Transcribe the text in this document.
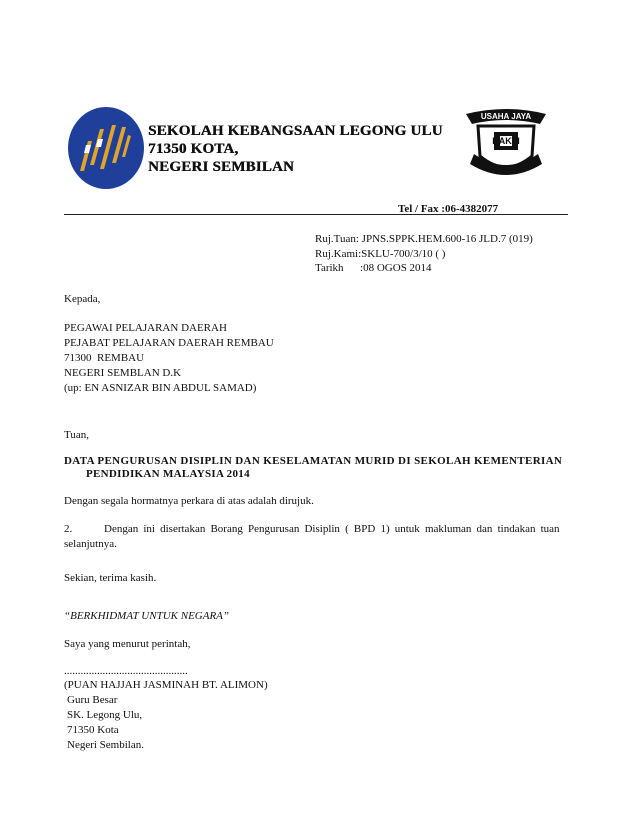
SEKOLAH KEBANGSAAN LEGONG ULU
71350 KOTA,
NEGERI SEMBILAN
USAHA JAYA
BAKTI
Tel / Fax :06-4382077
Ruj.Tuan: JPNS.SPPK.HEM.600-16 JLD.7 (019)
Ruj.Kami:SKLU-700/3/10 ( )
Tarikh      :08 OGOS 2014
Kepada,
PEGAWAI PELAJARAN DAERAH
PEJABAT PELAJARAN DAERAH REMBAU
71300  REMBAU
NEGERI SEMBLAN D.K
(up: EN ASNIZAR BIN ABDUL SAMAD)
Tuan,
DATA PENGURUSAN DISIPLIN DAN KESELAMATAN MURID DI SEKOLAH KEMENTERIAN
PENDIDIKAN MALAYSIA 2014
Dengan segala hormatnya perkara di atas adalah dirujuk.
2.	Dengan ini disertakan Borang Pengurusan Disiplin ( BPD 1) untuk makluman dan tindakan tuan
selanjutnya.
Sekian, terima kasih.
“BERKHIDMAT UNTUK NEGARA”
Saya yang menurut perintah,
.............................................
(PUAN HAJJAH JASMINAH BT. ALIMON)
Guru Besar
SK. Legong Ulu,
71350 Kota
Negeri Sembilan.
